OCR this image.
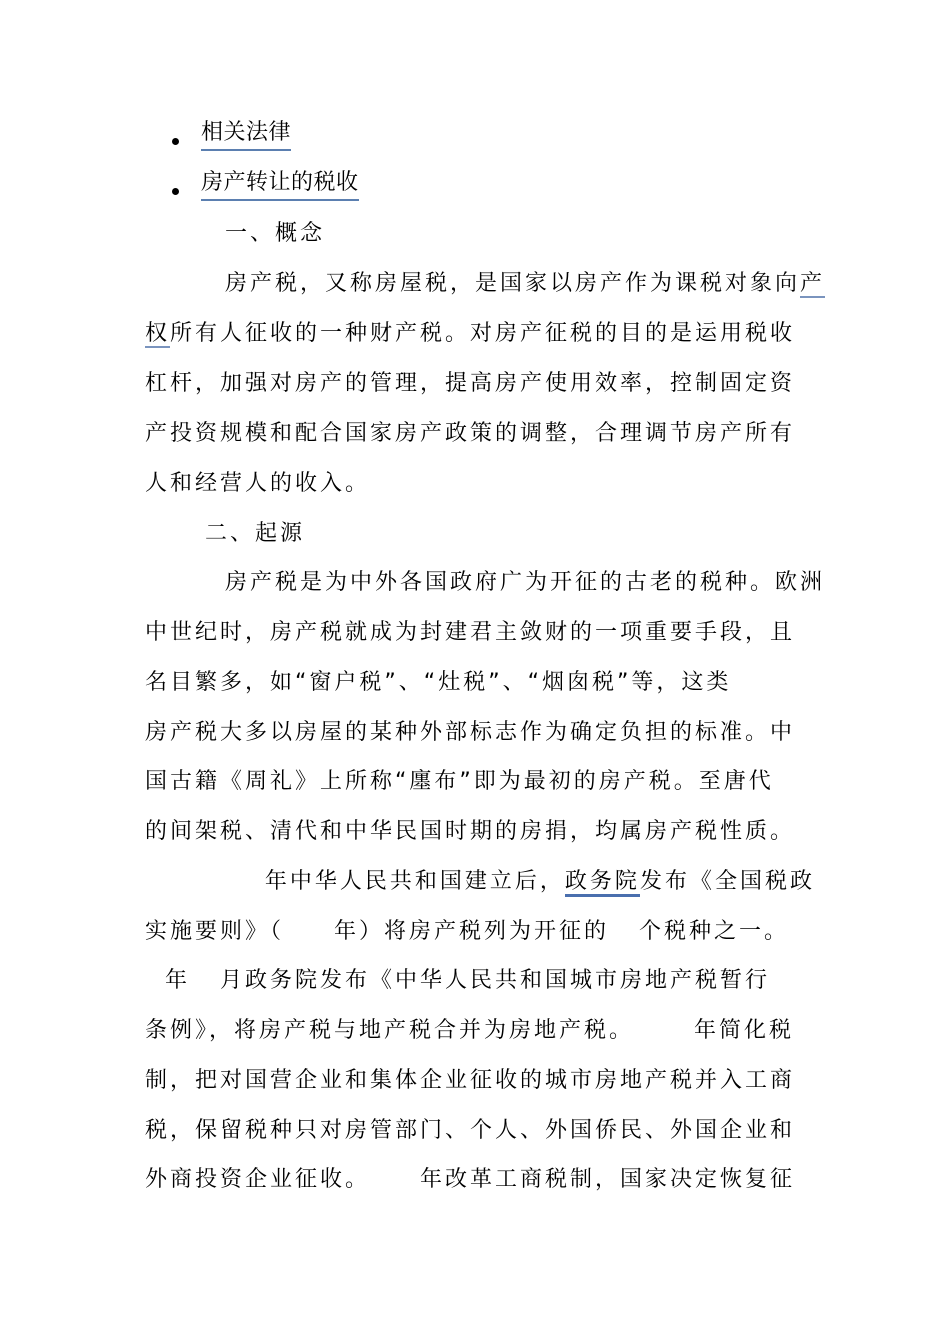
相关法律
房产转让的税收
一、概念
房产税，又称房屋税，是国家以房产作为课税对象向产
权所有人征收的一种财产税。对房产征税的目的是运用税收
杠杆，加强对房产的管理，提高房产使用效率，控制固定资
产投资规模和配合国家房产政策的调整，合理调节房产所有
人和经营人的收入。
二、起源
房产税是为中外各国政府广为开征的古老的税种。欧洲
中世纪时，房产税就成为封建君主敛财的一项重要手段，且
名目繁多，如“窗户税”、“灶税”、“烟囱税”等，这类
房产税大多以房屋的某种外部标志作为确定负担的标准。中
国古籍《周礼》上所称“廛布”即为最初的房产税。至唐代
的间架税、清代和中华民国时期的房捐，均属房产税性质。
年中华人民共和国建立后，政务院发布《全国税政
实施要则》（     年）将房产税列为开征的   个税种之一。
年   月政务院发布《中华人民共和国城市房地产税暂行
条例》，将房产税与地产税合并为房地产税。      年简化税
制，把对国营企业和集体企业征收的城市房地产税并入工商
税，保留税种只对房管部门、个人、外国侨民、外国企业和
外商投资企业征收。     年改革工商税制，国家决定恢复征
